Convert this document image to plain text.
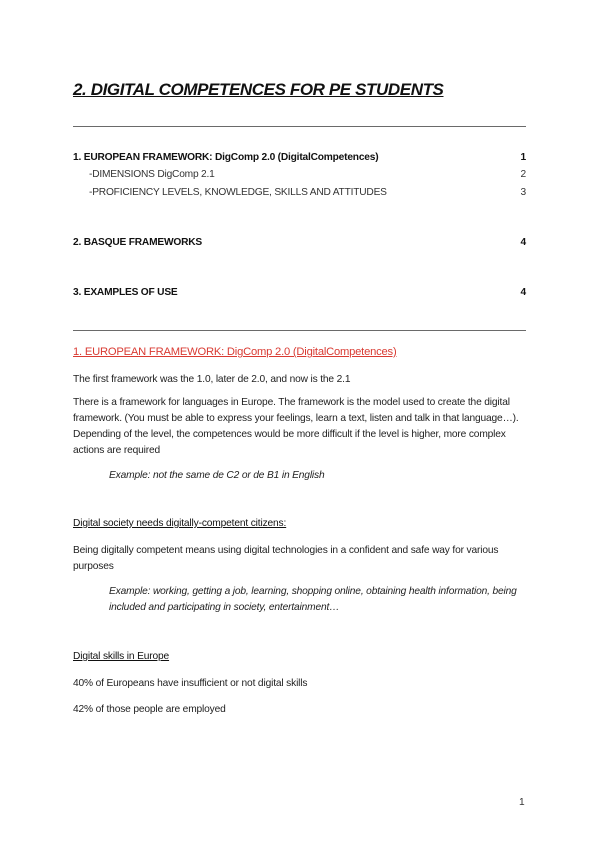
2. DIGITAL COMPETENCES FOR PE STUDENTS
1. EUROPEAN FRAMEWORK: DigComp 2.0 (DigitalCompetences)	1
-DIMENSIONS DigComp 2.1	2
-PROFICIENCY LEVELS, KNOWLEDGE, SKILLS AND ATTITUDES	3
2. BASQUE FRAMEWORKS	4
3. EXAMPLES OF USE	4
1. EUROPEAN FRAMEWORK: DigComp 2.0 (DigitalCompetences)
The first framework was the 1.0, later de 2.0, and now is the 2.1
There is a framework for languages in Europe. The framework is the model used to create the digital framework. (You must be able to express your feelings, learn a text, listen and talk in that language…). Depending of the level, the competences would be more difficult if the level is higher, more complex actions are required
Example: not the same de C2 or de B1 in English
Digital society needs digitally-competent citizens:
Being digitally competent means using digital technologies in a confident and safe way for various purposes
Example: working, getting a job, learning, shopping online, obtaining health information, being included and participating in society, entertainment…
Digital skills in Europe
40% of Europeans have insufficient or not digital skills
42% of those people are employed
1
